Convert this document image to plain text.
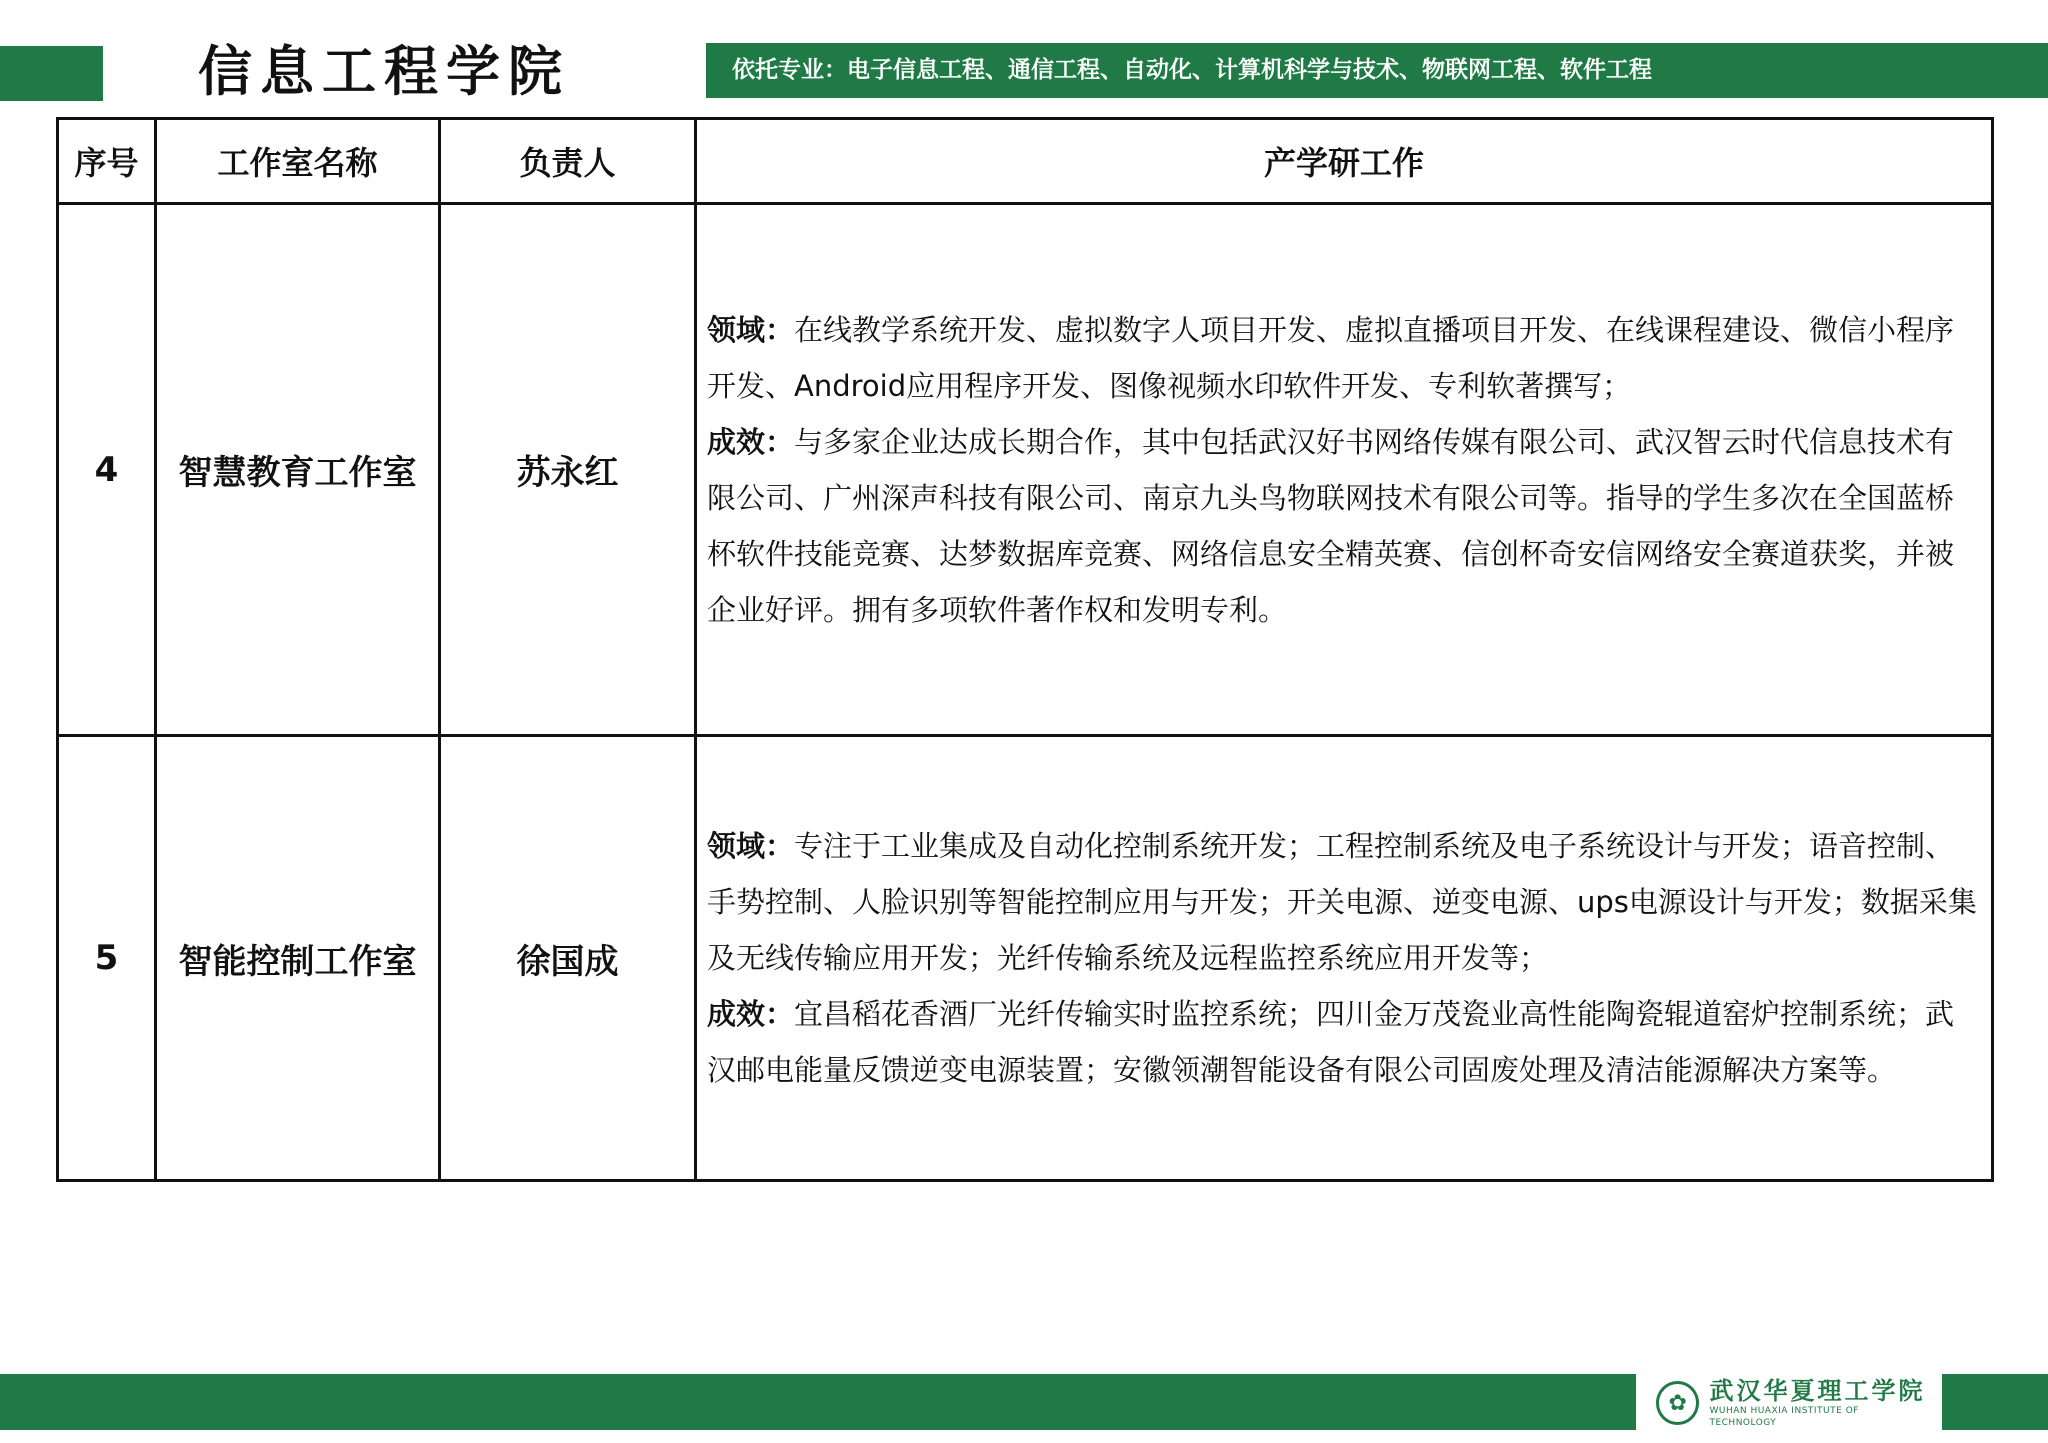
信息工程学院	依托专业：电子信息工程、通信工程、自动化、计算机科学与技术、物联网工程、软件工程
序号	工作室名称	负责人	产学研工作
4	智慧教育工作室	苏永红	领域：在线教学系统开发、虚拟数字人项目开发、虚拟直播项目开发、在线课程建设、微信小程序开发、Android应用程序开发、图像视频水印软件开发、专利软著撰写；

成效：与多家企业达成长期合作，其中包括武汉好书网络传媒有限公司、武汉智云时代信息技术有限公司、广州深声科技有限公司、南京九头鸟物联网技术有限公司等。指导的学生多次在全国蓝桥杯软件技能竞赛、达梦数据库竞赛、网络信息安全精英赛、信创杯奇安信网络安全赛道获奖，并被企业好评。拥有多项软件著作权和发明专利。

5	智能控制工作室	徐国成	领域：专注于工业集成及自动化控制系统开发；工程控制系统及电子系统设计与开发；语音控制、手势控制、人脸识别等智能控制应用与开发；开关电源、逆变电源、ups电源设计与开发；数据采集及无线传输应用开发；光纤传输系统及远程监控系统应用开发等；

成效：宜昌稻花香酒厂光纤传输实时监控系统；四川金万茂瓷业高性能陶瓷辊道窑炉控制系统；武汉邮电能量反馈逆变电源装置；安徽领潮智能设备有限公司固废处理及清洁能源解决方案等。

✿ 武汉华夏理工学院
WUHAN HUAXIA INSTITUTE OF TECHNOLOGY
